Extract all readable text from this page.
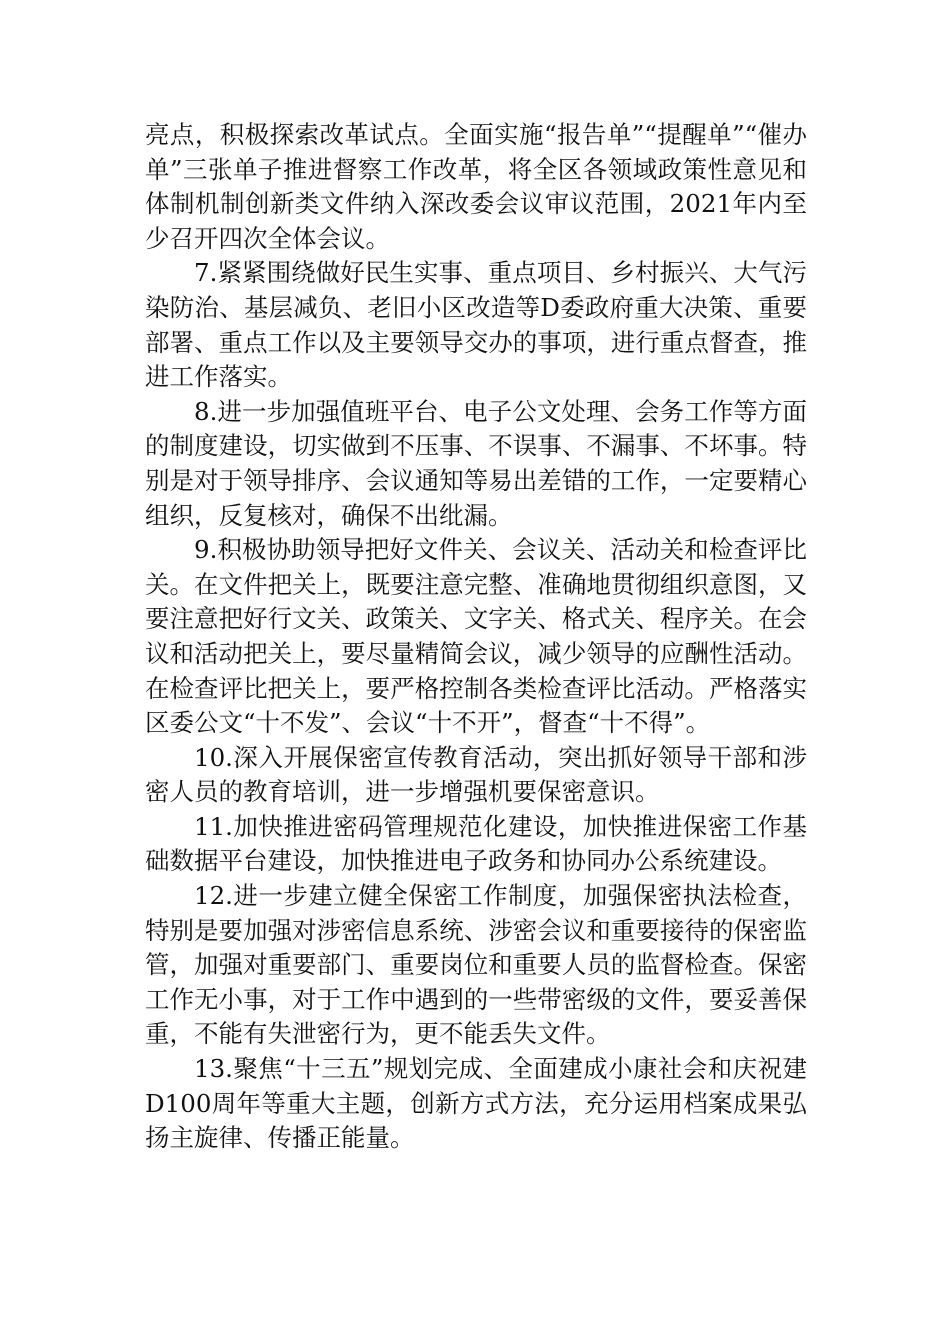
亮点，积极探索改革试点。全面实施“报告单”“提醒单”“催办单”三张单子推进督察工作改革，将全区各领域政策性意见和体制机制创新类文件纳入深改委会议审议范围，2021年内至少召开四次全体会议。

7.紧紧围绕做好民生实事、重点项目、乡村振兴、大气污染防治、基层减负、老旧小区改造等D委政府重大决策、重要部署、重点工作以及主要领导交办的事项，进行重点督查，推进工作落实。

8.进一步加强值班平台、电子公文处理、会务工作等方面的制度建设，切实做到不压事、不误事、不漏事、不坏事。特别是对于领导排序、会议通知等易出差错的工作，一定要精心组织，反复核对，确保不出纰漏。

9.积极协助领导把好文件关、会议关、活动关和检查评比关。在文件把关上，既要注意完整、准确地贯彻组织意图，又要注意把好行文关、政策关、文字关、格式关、程序关。在会议和活动把关上，要尽量精简会议，减少领导的应酬性活动。在检查评比把关上，要严格控制各类检查评比活动。严格落实区委公文“十不发”、会议“十不开”，督查“十不得”。

10.深入开展保密宣传教育活动，突出抓好领导干部和涉密人员的教育培训，进一步增强机要保密意识。

11.加快推进密码管理规范化建设，加快推进保密工作基础数据平台建设，加快推进电子政务和协同办公系统建设。

12.进一步建立健全保密工作制度，加强保密执法检查，特别是要加强对涉密信息系统、涉密会议和重要接待的保密监管，加强对重要部门、重要岗位和重要人员的监督检查。保密工作无小事，对于工作中遇到的一些带密级的文件，要妥善保重，不能有失泄密行为，更不能丢失文件。

13.聚焦“十三五”规划完成、全面建成小康社会和庆祝建D100周年等重大主题，创新方式方法，充分运用档案成果弘扬主旋律、传播正能量。
